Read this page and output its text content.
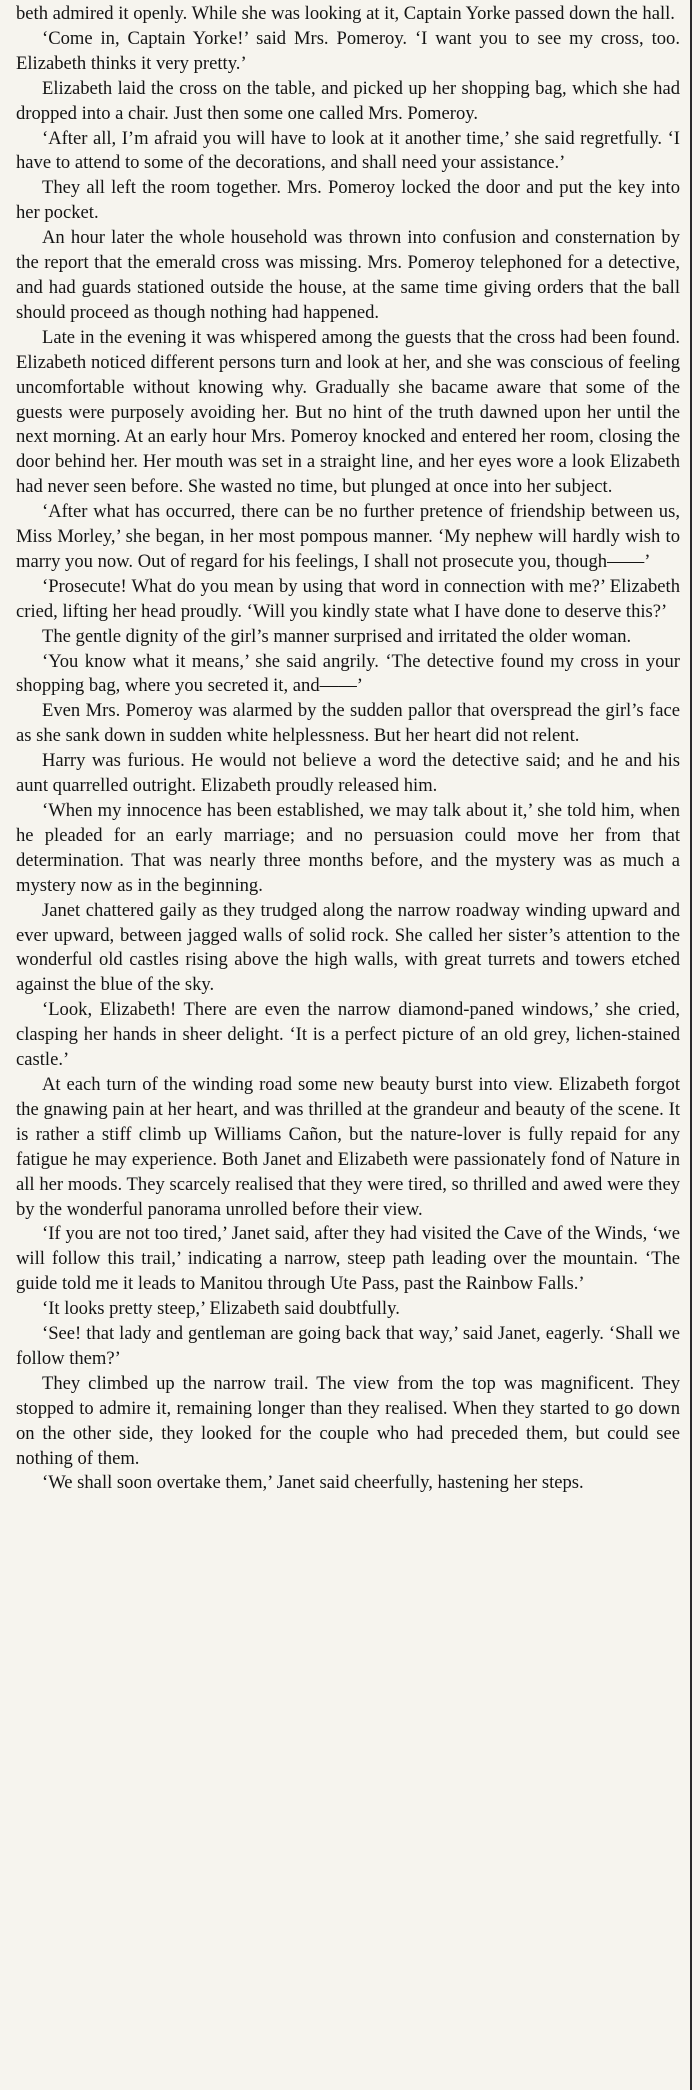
beth admired it openly. While she was looking at it, Captain Yorke passed down the hall.

‘Come in, Captain Yorke!’ said Mrs. Pomeroy. ‘I want you to see my cross, too. Elizabeth thinks it very pretty.’

Elizabeth laid the cross on the table, and picked up her shopping bag, which she had dropped into a chair. Just then some one called Mrs. Pomeroy.

‘After all, I’m afraid you will have to look at it another time,’ she said regretfully. ‘I have to attend to some of the decorations, and shall need your assistance.’

They all left the room together. Mrs. Pomeroy locked the door and put the key into her pocket.

An hour later the whole household was thrown into confusion and consternation by the report that the emerald cross was missing. Mrs. Pomeroy telephoned for a detective, and had guards stationed outside the house, at the same time giving orders that the ball should proceed as though nothing had happened.

Late in the evening it was whispered among the guests that the cross had been found. Elizabeth noticed different persons turn and look at her, and she was conscious of feeling uncomfortable without knowing why. Gradually she bacame aware that some of the guests were purposely avoiding her. But no hint of the truth dawned upon her until the next morning. At an early hour Mrs. Pomeroy knocked and entered her room, closing the door behind her. Her mouth was set in a straight line, and her eyes wore a look Elizabeth had never seen before. She wasted no time, but plunged at once into her subject.

‘After what has occurred, there can be no further pretence of friendship between us, Miss Morley,’ she began, in her most pompous manner. ‘My nephew will hardly wish to marry you now. Out of regard for his feelings, I shall not prosecute you, though——’

‘Prosecute! What do you mean by using that word in connection with me?’ Elizabeth cried, lifting her head proudly. ‘Will you kindly state what I have done to deserve this?’

The gentle dignity of the girl’s manner surprised and irritated the older woman.

‘You know what it means,’ she said angrily. ‘The detective found my cross in your shopping bag, where you secreted it, and——’

Even Mrs. Pomeroy was alarmed by the sudden pallor that overspread the girl’s face as she sank down in sudden white helplessness. But her heart did not relent.

Harry was furious. He would not believe a word the detective said; and he and his aunt quarrelled outright. Elizabeth proudly released him.

‘When my innocence has been established, we may talk about it,’ she told him, when he pleaded for an early marriage; and no persuasion could move her from that determination. That was nearly three months before, and the mystery was as much a mystery now as in the beginning.

Janet chattered gaily as they trudged along the narrow roadway winding upward and ever upward, between jagged walls of solid rock. She called her sister’s attention to the wonderful old castles rising above the high walls, with great turrets and towers etched against the blue of the sky.

‘Look, Elizabeth! There are even the narrow diamond-paned windows,’ she cried, clasping her hands in sheer delight. ‘It is a perfect picture of an old grey, lichen-stained castle.’

At each turn of the winding road some new beauty burst into view. Elizabeth forgot the gnawing pain at her heart, and was thrilled at the grandeur and beauty of the scene. It is rather a stiff climb up Williams Cañon, but the nature-lover is fully repaid for any fatigue he may experience. Both Janet and Elizabeth were passionately fond of Nature in all her moods. They scarcely realised that they were tired, so thrilled and awed were they by the wonderful panorama unrolled before their view.

‘If you are not too tired,’ Janet said, after they had visited the Cave of the Winds, ‘we will follow this trail,’ indicating a narrow, steep path leading over the mountain. ‘The guide told me it leads to Manitou through Ute Pass, past the Rainbow Falls.’

‘It looks pretty steep,’ Elizabeth said doubtfully.

‘See! that lady and gentleman are going back that way,’ said Janet, eagerly. ‘Shall we follow them?’

They climbed up the narrow trail. The view from the top was magnificent. They stopped to admire it, remaining longer than they realised. When they started to go down on the other side, they looked for the couple who had preceded them, but could see nothing of them.

‘We shall soon overtake them,’ Janet said cheerfully, hastening her steps.
